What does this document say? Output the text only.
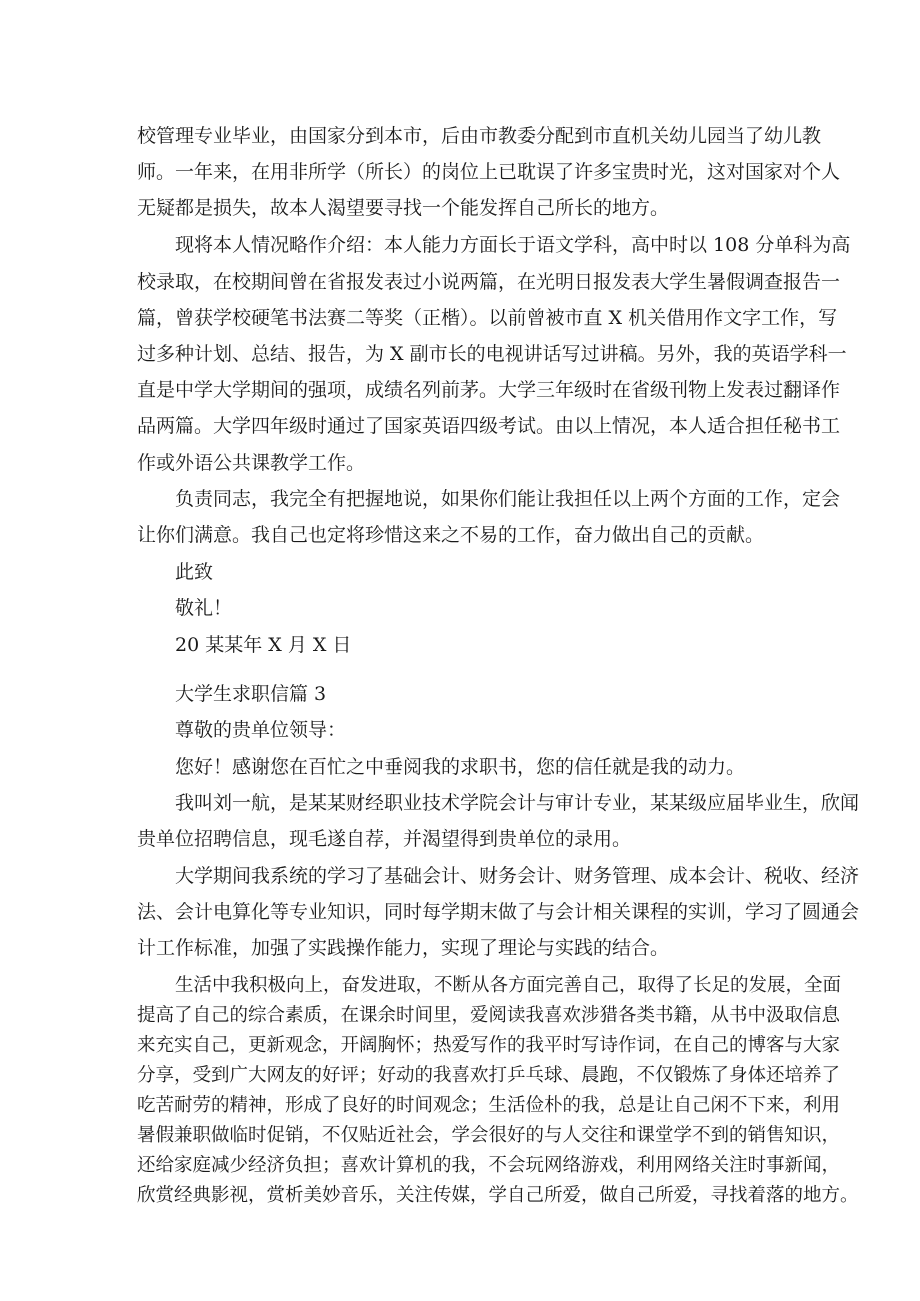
校管理专业毕业，由国家分到本市，后由市教委分配到市直机关幼儿园当了幼儿教
师。一年来，在用非所学（所长）的岗位上已耽误了许多宝贵时光，这对国家对个人
无疑都是损失，故本人渴望要寻找一个能发挥自己所长的地方。
现将本人情况略作介绍：本人能力方面长于语文学科，高中时以 108 分单科为高
校录取，在校期间曾在省报发表过小说两篇，在光明日报发表大学生暑假调查报告一
篇，曾获学校硬笔书法赛二等奖（正楷）。以前曾被市直 X 机关借用作文字工作，写
过多种计划、总结、报告，为 X 副市长的电视讲话写过讲稿。另外，我的英语学科一
直是中学大学期间的强项，成绩名列前茅。大学三年级时在省级刊物上发表过翻译作
品两篇。大学四年级时通过了国家英语四级考试。由以上情况，本人适合担任秘书工
作或外语公共课教学工作。
负责同志，我完全有把握地说，如果你们能让我担任以上两个方面的工作，定会
让你们满意。我自己也定将珍惜这来之不易的工作，奋力做出自己的贡献。
此致
敬礼！
20 某某年 X 月 X 日
大学生求职信篇 3
尊敬的贵单位领导：
您好！感谢您在百忙之中垂阅我的求职书，您的信任就是我的动力。
我叫刘一航，是某某财经职业技术学院会计与审计专业，某某级应届毕业生，欣闻
贵单位招聘信息，现毛遂自荐，并渴望得到贵单位的录用。
大学期间我系统的学习了基础会计、财务会计、财务管理、成本会计、税收、经济
法、会计电算化等专业知识，同时每学期末做了与会计相关课程的实训，学习了圆通会
计工作标准，加强了实践操作能力，实现了理论与实践的结合。
生活中我积极向上，奋发进取，不断从各方面完善自己，取得了长足的发展，全面
提高了自己的综合素质，在课余时间里，爱阅读我喜欢涉猎各类书籍，从书中汲取信息
来充实自己，更新观念，开阔胸怀；热爱写作的我平时写诗作词，在自己的博客与大家
分享，受到广大网友的好评；好动的我喜欢打乒乓球、晨跑，不仅锻炼了身体还培养了
吃苦耐劳的精神，形成了良好的时间观念；生活俭朴的我，总是让自己闲不下来，利用
暑假兼职做临时促销，不仅贴近社会，学会很好的与人交往和课堂学不到的销售知识，
还给家庭减少经济负担；喜欢计算机的我，不会玩网络游戏，利用网络关注时事新闻，
欣赏经典影视，赏析美妙音乐，关注传媒，学自己所爱，做自己所爱，寻找着落的地方。
